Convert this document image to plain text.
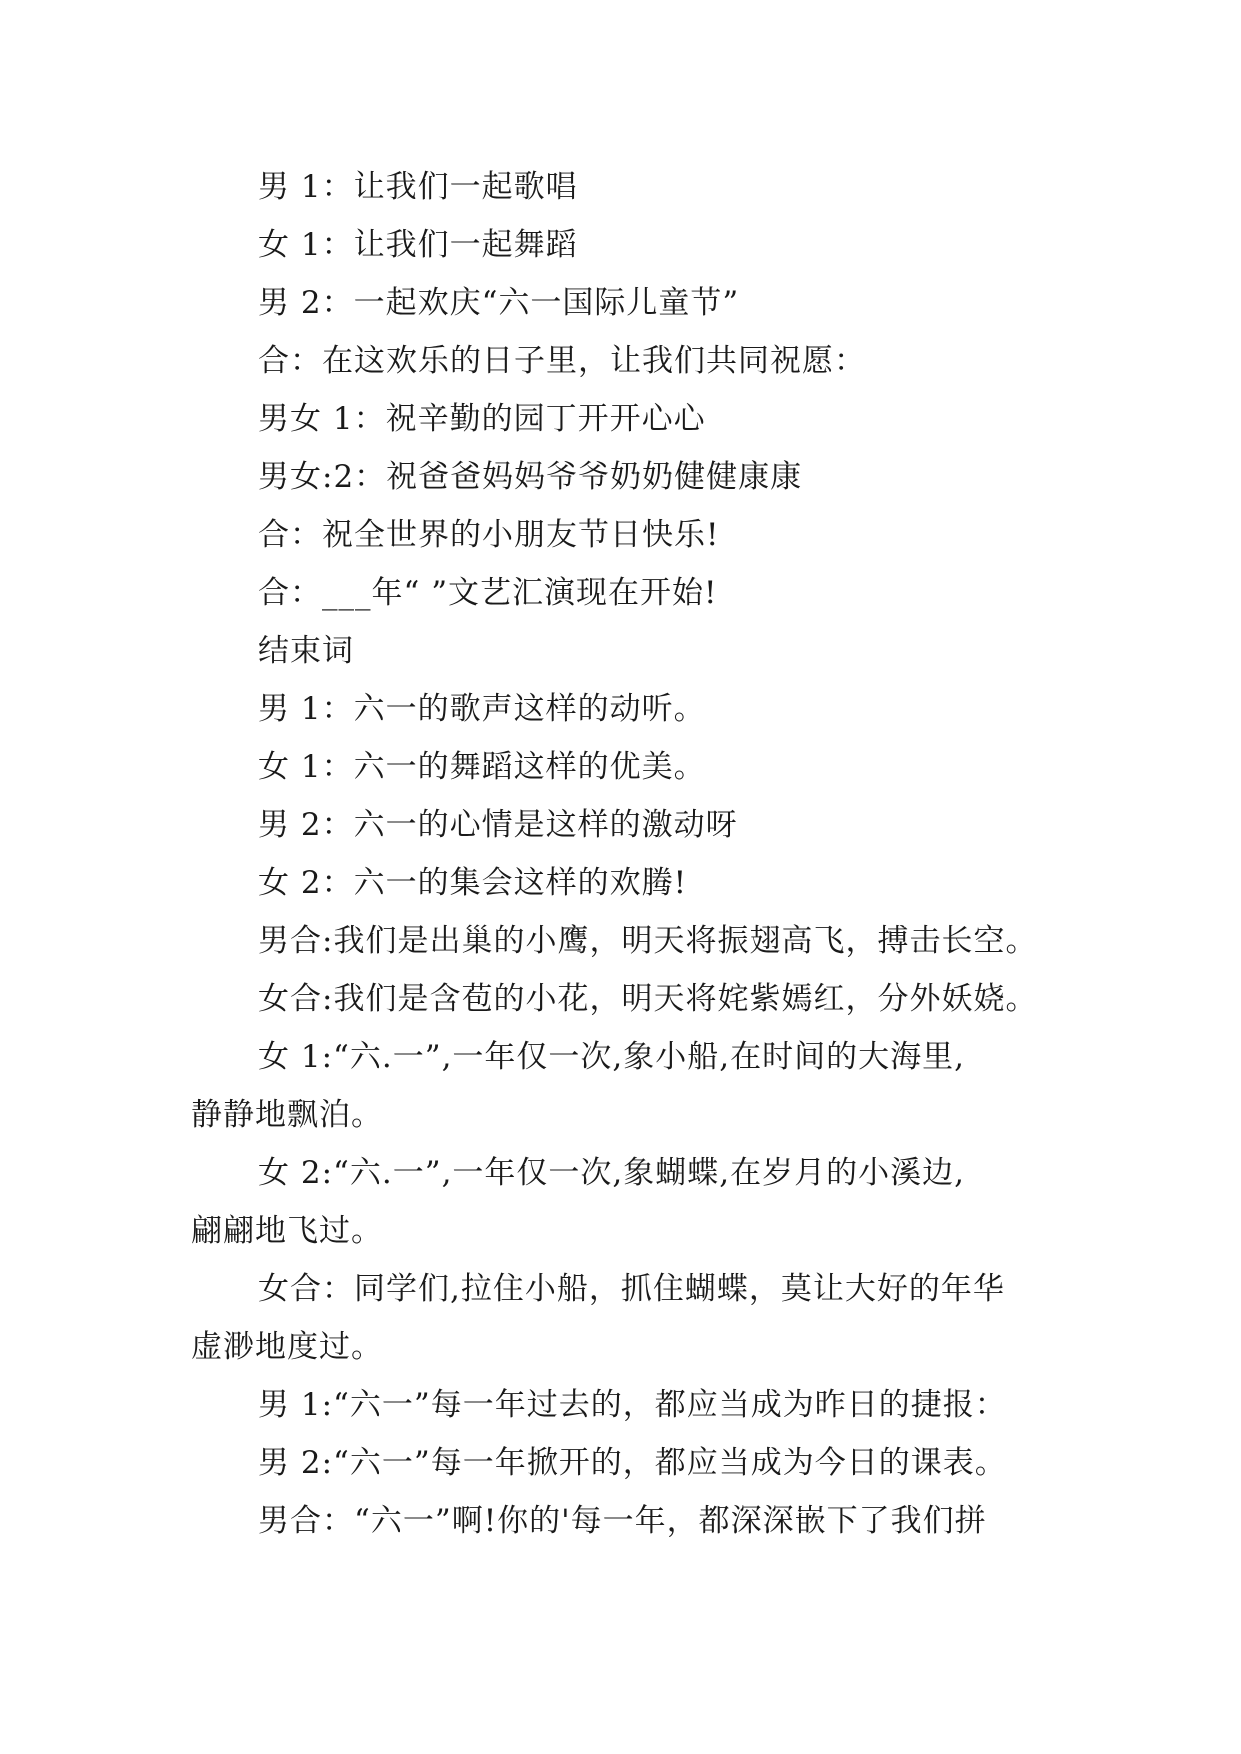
男 1：让我们一起歌唱
女 1：让我们一起舞蹈
男 2：一起欢庆“六一国际儿童节”
合：在这欢乐的日子里，让我们共同祝愿：
男女 1：祝辛勤的园丁开开心心
男女:2：祝爸爸妈妈爷爷奶奶健健康康
合：祝全世界的小朋友节日快乐!
合：___年“ ”文艺汇演现在开始!
结束词
男 1：六一的歌声这样的动听。
女 1：六一的舞蹈这样的优美。
男 2：六一的心情是这样的激动呀
女 2：六一的集会这样的欢腾!
男合:我们是出巢的小鹰，明天将振翅高飞，搏击长空。
女合:我们是含苞的小花，明天将姹紫嫣红，分外妖娆。
女 1:“六.一”,一年仅一次,象小船,在时间的大海里,
静静地飘泊。
女 2:“六.一”,一年仅一次,象蝴蝶,在岁月的小溪边,
翩翩地飞过。
女合：同学们,拉住小船，抓住蝴蝶，莫让大好的年华
虚渺地度过。
男 1:“六一”每一年过去的，都应当成为昨日的捷报：
男 2:“六一”每一年掀开的，都应当成为今日的课表。
男合：“六一”啊!你的'每一年，都深深嵌下了我们拼
